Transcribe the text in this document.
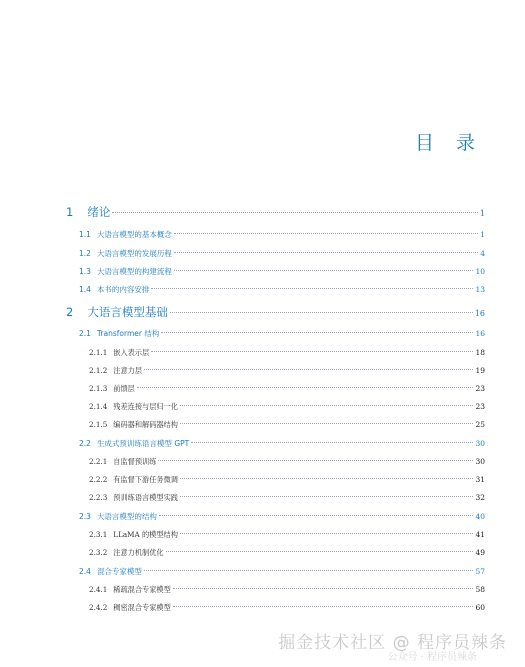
目 录
1 绪论	1
1.1 大语言模型的基本概念	1
1.2 大语言模型的发展历程	4
1.3 大语言模型的构建流程	10
1.4 本书的内容安排	13
2 大语言模型基础	16
2.1 Transformer 结构	16
2.1.1 嵌入表示层	18
2.1.2 注意力层	19
2.1.3 前馈层	23
2.1.4 残差连接与层归一化	23
2.1.5 编码器和解码器结构	25
2.2 生成式预训练语言模型 GPT	30
2.2.1 自监督预训练	30
2.2.2 有监督下游任务微调	31
2.2.3 预训练语言模型实践	32
2.3 大语言模型的结构	40
2.3.1 LLaMA 的模型结构	41
2.3.2 注意力机制优化	49
2.4 混合专家模型	57
2.4.1 稀疏混合专家模型	58
2.4.2 稠密混合专家模型	60
掘金技术社区 @ 程序员辣条
公众号 · 程序员辣条
